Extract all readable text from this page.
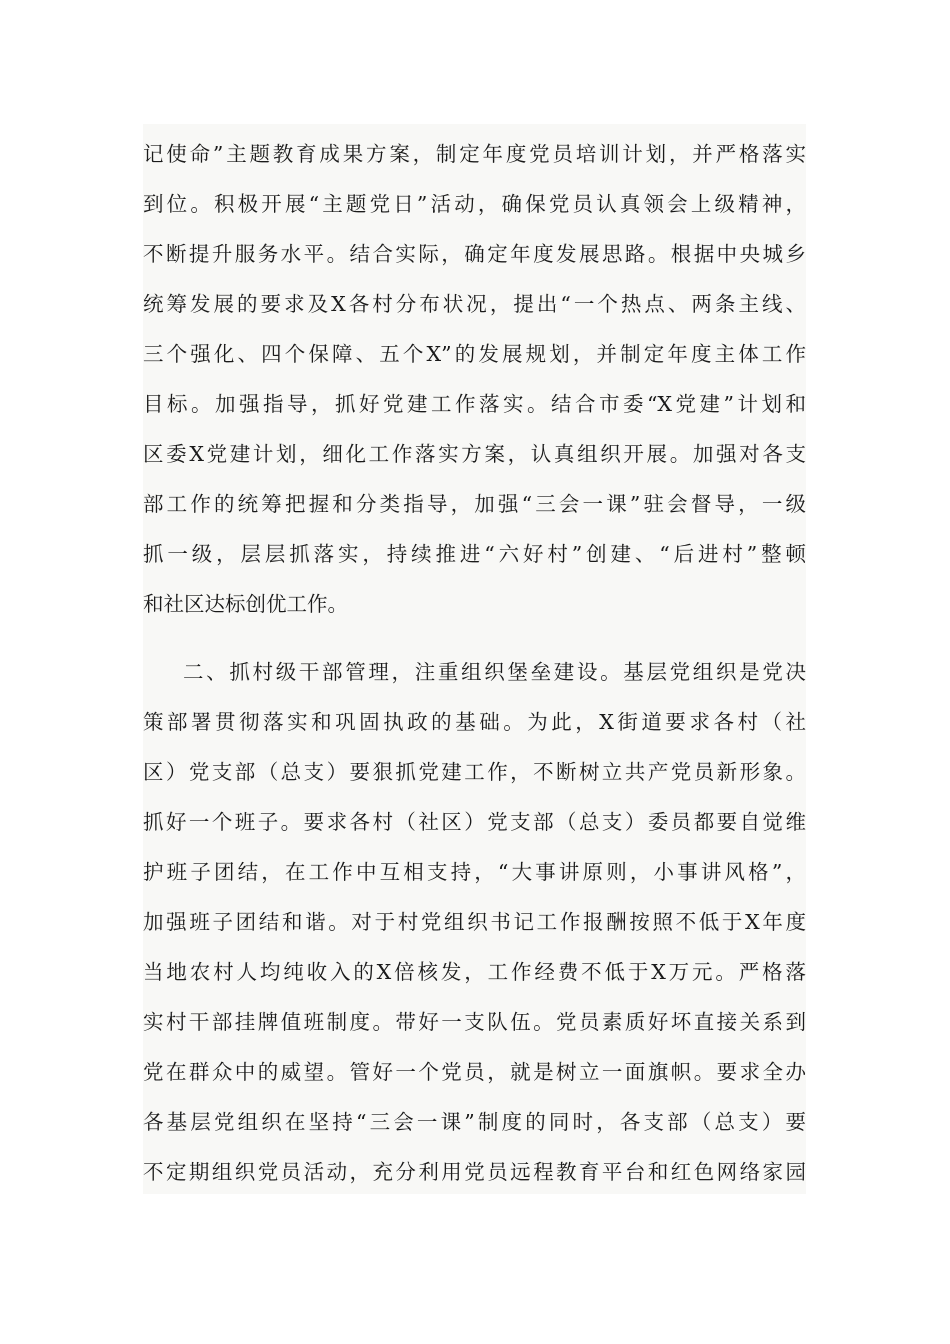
记使命”主题教育成果方案，制定年度党员培训计划，并严格落实
到位。积极开展“主题党日”活动，确保党员认真领会上级精神，
不断提升服务水平。结合实际，确定年度发展思路。根据中央城乡
统筹发展的要求及X各村分布状况，提出“一个热点、两条主线、
三个强化、四个保障、五个X”的发展规划，并制定年度主体工作
目标。加强指导，抓好党建工作落实。结合市委“X党建”计划和
区委X党建计划，细化工作落实方案，认真组织开展。加强对各支
部工作的统筹把握和分类指导，加强“三会一课”驻会督导，一级
抓一级，层层抓落实，持续推进“六好村”创建、“后进村”整顿
和社区达标创优工作。
二、抓村级干部管理，注重组织堡垒建设。基层党组织是党决
策部署贯彻落实和巩固执政的基础。为此，X街道要求各村（社
区）党支部（总支）要狠抓党建工作，不断树立共产党员新形象。
抓好一个班子。要求各村（社区）党支部（总支）委员都要自觉维
护班子团结，在工作中互相支持，“大事讲原则，小事讲风格”，
加强班子团结和谐。对于村党组织书记工作报酬按照不低于X年度
当地农村人均纯收入的X倍核发，工作经费不低于X万元。严格落
实村干部挂牌值班制度。带好一支队伍。党员素质好坏直接关系到
党在群众中的威望。管好一个党员，就是树立一面旗帜。要求全办
各基层党组织在坚持“三会一课”制度的同时，各支部（总支）要
不定期组织党员活动，充分利用党员远程教育平台和红色网络家园
